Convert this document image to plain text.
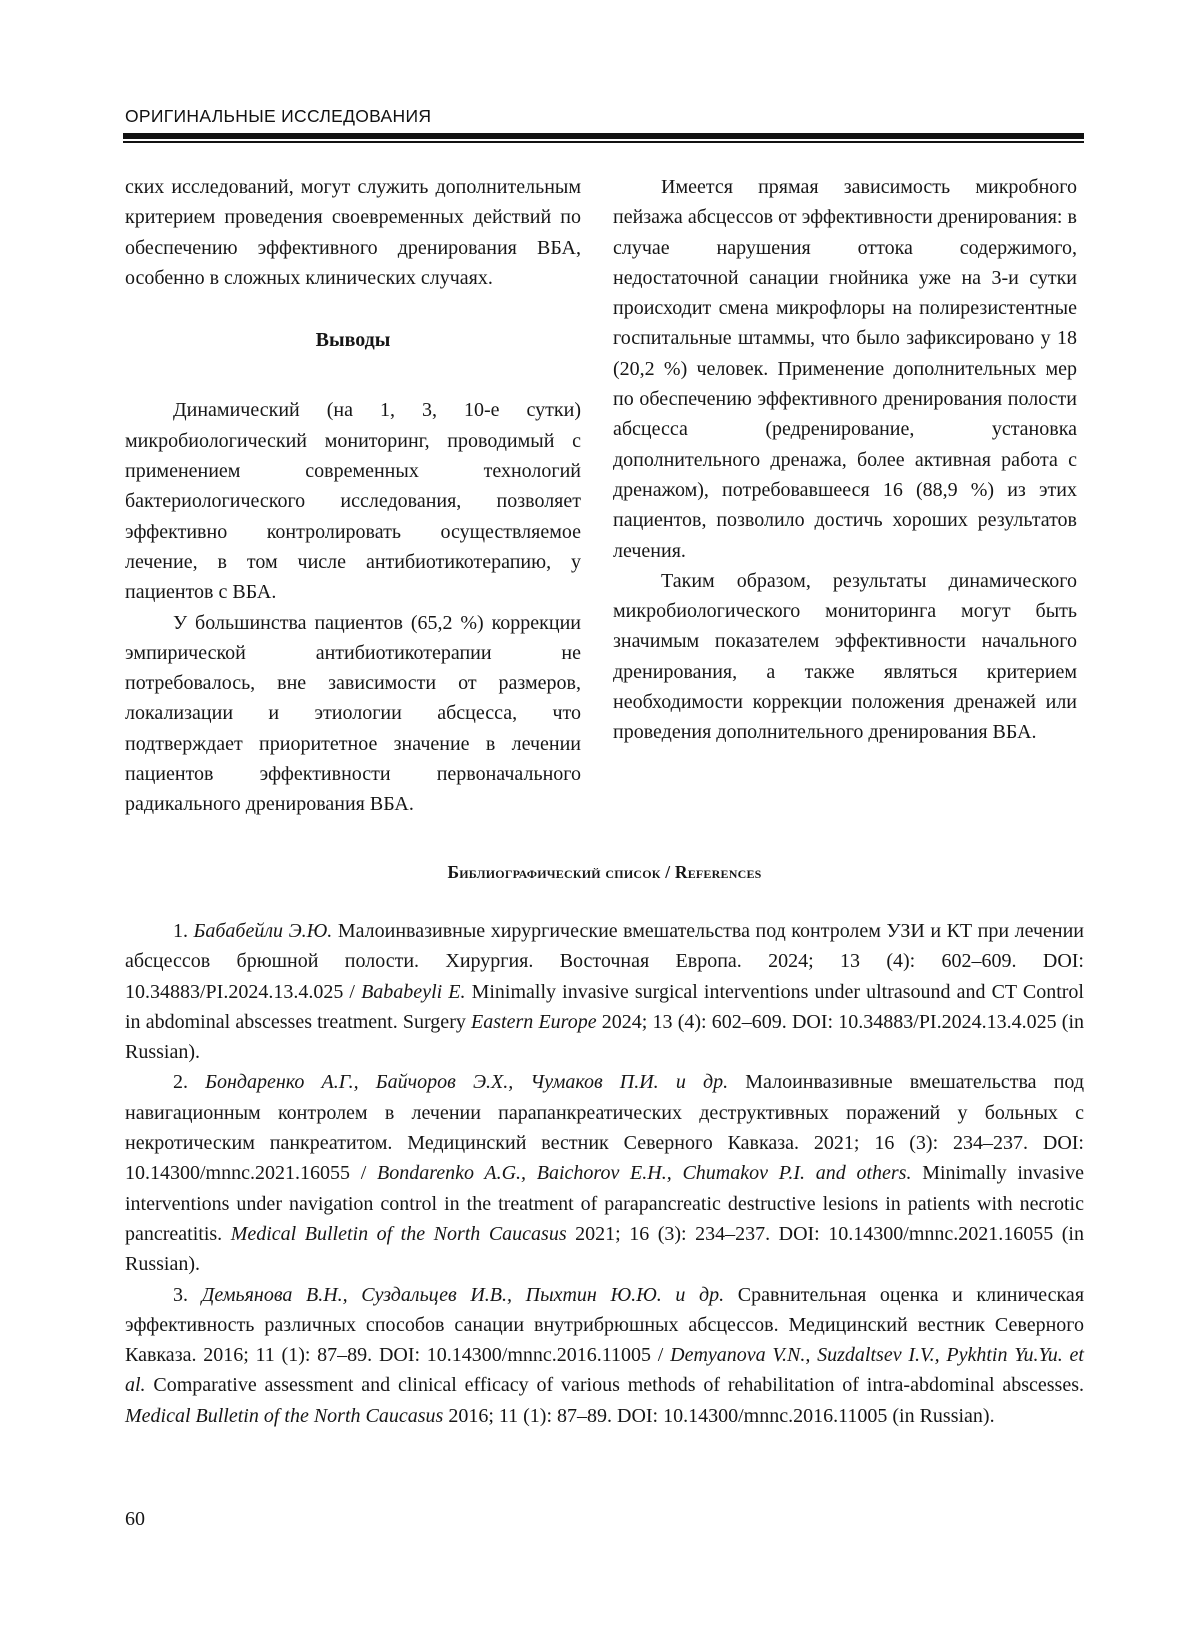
ОРИГИНАЛЬНЫЕ ИССЛЕДОВАНИЯ

ских исследований, могут служить дополнительным критерием проведения своевременных действий по обеспечению эффективного дренирования ВБА, особенно в сложных клинических случаях.

Выводы

Динамический (на 1, 3, 10-е сутки) микробиологический мониторинг, проводимый с применением современных технологий бактериологического исследования, позволяет эффективно контролировать осуществляемое лечение, в том числе антибиотикотерапию, у пациентов с ВБА.

У большинства пациентов (65,2 %) коррекции эмпирической антибиотикотерапии не потребовалось, вне зависимости от размеров, локализации и этиологии абсцесса, что подтверждает приоритетное значение в лечении пациентов эффективности первоначального радикального дренирования ВБА.

Имеется прямая зависимость микробного пейзажа абсцессов от эффективности дренирования: в случае нарушения оттока содержимого, недостаточной санации гнойника уже на 3-и сутки происходит смена микрофлоры на полирезистентные госпитальные штаммы, что было зафиксировано у 18 (20,2 %) человек. Применение дополнительных мер по обеспечению эффективного дренирования полости абсцесса (редренирование, установка дополнительного дренажа, более активная работа с дренажом), потребовавшееся 16 (88,9 %) из этих пациентов, позволило достичь хороших результатов лечения.

Таким образом, результаты динамического микробиологического мониторинга могут быть значимым показателем эффективности начального дренирования, а также являться критерием необходимости коррекции положения дренажей или проведения дополнительного дренирования ВБА.

Библиографический список / References

1. Бабабейли Э.Ю. Малоинвазивные хирургические вмешательства под контролем УЗИ и КТ при лечении абсцессов брюшной полости. Хирургия. Восточная Европа. 2024; 13 (4): 602–609. DOI: 10.34883/PI.2024.13.4.025 / Bababeyli E. Minimally invasive surgical interventions under ultrasound and CT Control in abdominal abscesses treatment. Surgery Eastern Europe 2024; 13 (4): 602–609. DOI: 10.34883/PI.2024.13.4.025 (in Russian).

2. Бондаренко А.Г., Байчоров Э.Х., Чумаков П.И. и др. Малоинвазивные вмешательства под навигационным контролем в лечении парапанкреатических деструктивных поражений у больных с некротическим панкреатитом. Медицинский вестник Северного Кавказа. 2021; 16 (3): 234–237. DOI: 10.14300/mnnc.2021.16055 / Bondarenko A.G., Baichorov E.H., Chumakov P.I. and others. Minimally invasive interventions under navigation control in the treatment of parapancreatic destructive lesions in patients with necrotic pancreatitis. Medical Bulletin of the North Caucasus 2021; 16 (3): 234–237. DOI: 10.14300/mnnc.2021.16055 (in Russian).

3. Демьянова В.Н., Суздальцев И.В., Пыхтин Ю.Ю. и др. Сравнительная оценка и клиническая эффективность различных способов санации внутрибрюшных абсцессов. Медицинский вестник Северного Кавказа. 2016; 11 (1): 87–89. DOI: 10.14300/mnnc.2016.11005 / Demyanova V.N., Suzdaltsev I.V., Pykhtin Yu.Yu. et al. Comparative assessment and clinical efficacy of various methods of rehabilitation of intra-abdominal abscesses. Medical Bulletin of the North Caucasus 2016; 11 (1): 87–89. DOI: 10.14300/mnnc.2016.11005 (in Russian).

60
